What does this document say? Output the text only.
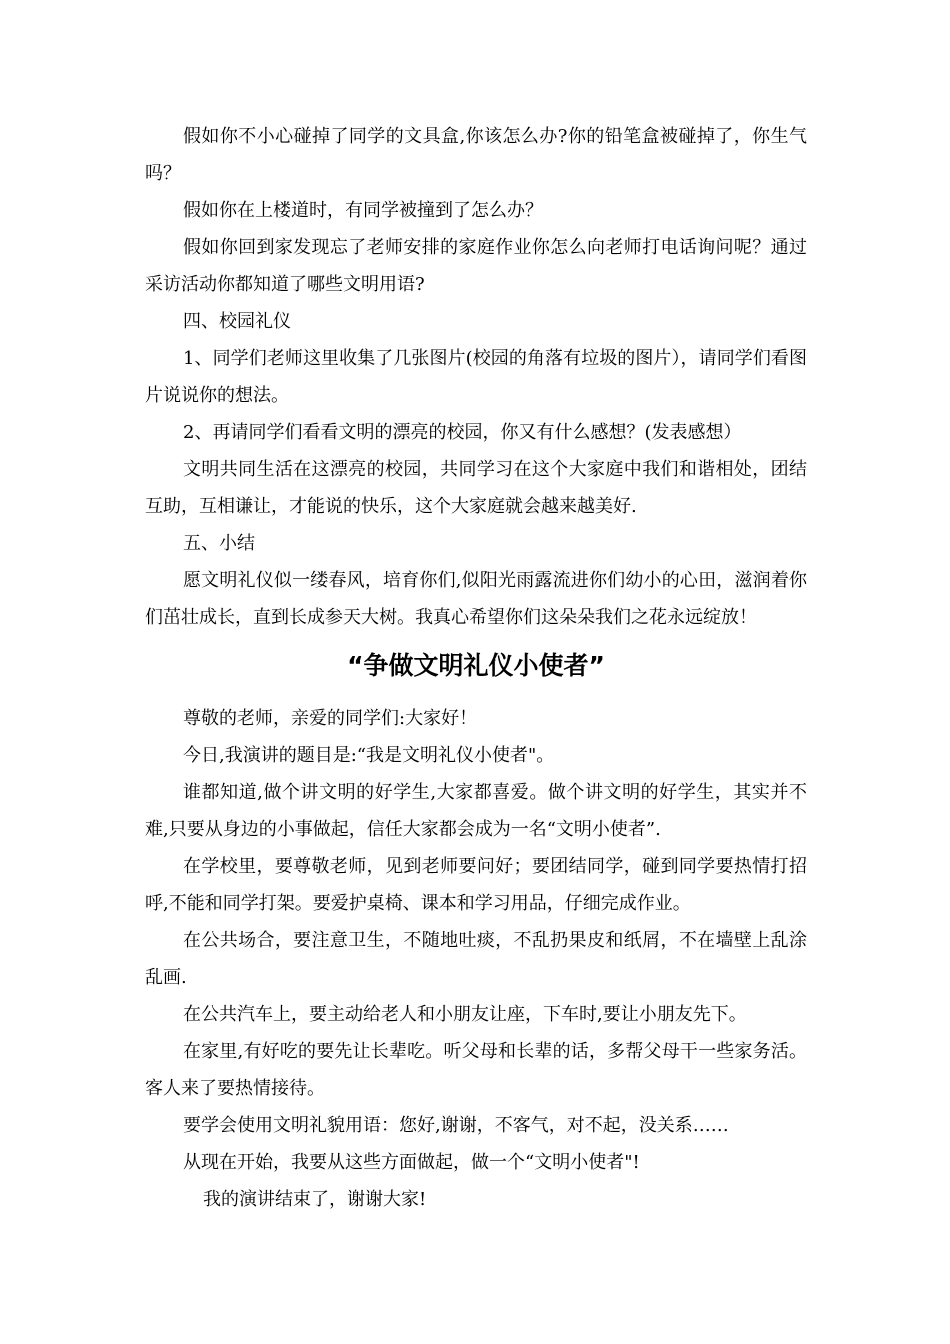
假如你不小心碰掉了同学的文具盒,你该怎么办?你的铅笔盒被碰掉了，你生气吗？

假如你在上楼道时，有同学被撞到了怎么办？

假如你回到家发现忘了老师安排的家庭作业你怎么向老师打电话询问呢？通过采访活动你都知道了哪些文明用语?

四、校园礼仪

1、同学们老师这里收集了几张图片(校园的角落有垃圾的图片），请同学们看图片说说你的想法。

2、再请同学们看看文明的漂亮的校园，你又有什么感想？(发表感想）

文明共同生活在这漂亮的校园，共同学习在这个大家庭中我们和谐相处，团结互助，互相谦让，才能说的快乐，这个大家庭就会越来越美好.

五、小结

愿文明礼仪似一缕春风，培育你们,似阳光雨露流进你们幼小的心田，滋润着你们茁壮成长，直到长成参天大树。我真心希望你们这朵朵我们之花永远绽放！

“争做文明礼仪小使者”

尊敬的老师，亲爱的同学们:大家好！

今日,我演讲的题目是:“我是文明礼仪小使者"。

谁都知道,做个讲文明的好学生,大家都喜爱。做个讲文明的好学生，其实并不难,只要从身边的小事做起，信任大家都会成为一名“文明小使者”.

在学校里，要尊敬老师，见到老师要问好；要团结同学，碰到同学要热情打招呼,不能和同学打架。要爱护桌椅、课本和学习用品，仔细完成作业。

在公共场合，要注意卫生，不随地吐痰，不乱扔果皮和纸屑，不在墙壁上乱涂乱画.

在公共汽车上，要主动给老人和小朋友让座，下车时,要让小朋友先下。

在家里,有好吃的要先让长辈吃。听父母和长辈的话，多帮父母干一些家务活。客人来了要热情接待。

要学会使用文明礼貌用语：您好,谢谢，不客气，对不起，没关系……

从现在开始，我要从这些方面做起，做一个“文明小使者"!

我的演讲结束了，谢谢大家!
